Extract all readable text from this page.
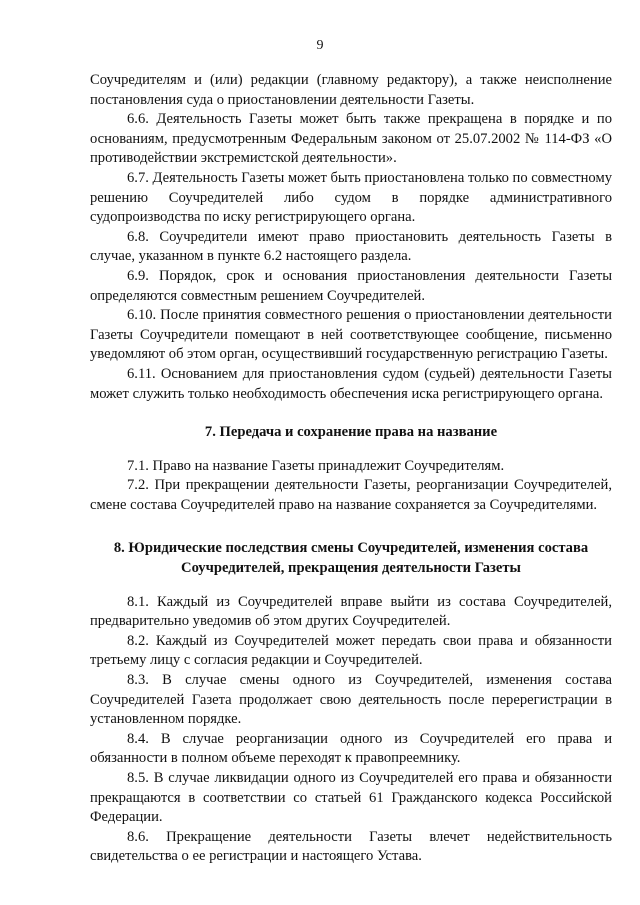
9

Соучредителям и (или) редакции (главному редактору), а также неисполнение постановления суда о приостановлении деятельности Газеты.

6.6. Деятельность Газеты может быть также прекращена в порядке и по основаниям, предусмотренным Федеральным законом от 25.07.2002 № 114-ФЗ «О противодействии экстремистской деятельности».

6.7. Деятельность Газеты может быть приостановлена только по совместному решению Соучредителей либо судом в порядке административного судопроизводства по иску регистрирующего органа.

6.8. Соучредители имеют право приостановить деятельность Газеты в случае, указанном в пункте 6.2 настоящего раздела.

6.9. Порядок, срок и основания приостановления деятельности Газеты определяются совместным решением Соучредителей.

6.10. После принятия совместного решения о приостановлении деятельности Газеты Соучредители помещают в ней соответствующее сообщение, письменно уведомляют об этом орган, осуществивший государственную регистрацию Газеты.

6.11. Основанием для приостановления судом (судьей) деятельности Газеты может служить только необходимость обеспечения иска регистрирующего органа.

7. Передача и сохранение права на название

7.1. Право на название Газеты принадлежит Соучредителям.

7.2. При прекращении деятельности Газеты, реорганизации Соучредителей, смене состава Соучредителей право на название сохраняется за Соучредителями.

8. Юридические последствия смены Соучредителей, изменения состава

Соучредителей, прекращения деятельности Газеты

8.1. Каждый из Соучредителей вправе выйти из состава Соучредителей, предварительно уведомив об этом других Соучредителей.

8.2. Каждый из Соучредителей может передать свои права и обязанности третьему лицу с согласия редакции и Соучредителей.

8.3. В случае смены одного из Соучредителей, изменения состава Соучредителей Газета продолжает свою деятельность после перерегистрации в установленном порядке.

8.4. В случае реорганизации одного из Соучредителей его права и обязанности в полном объеме переходят к правопреемнику.

8.5. В случае ликвидации одного из Соучредителей его права и обязанности прекращаются в соответствии со статьей 61 Гражданского кодекса Российской Федерации.

8.6. Прекращение деятельности Газеты влечет недействительность свидетельства о ее регистрации и настоящего Устава.
